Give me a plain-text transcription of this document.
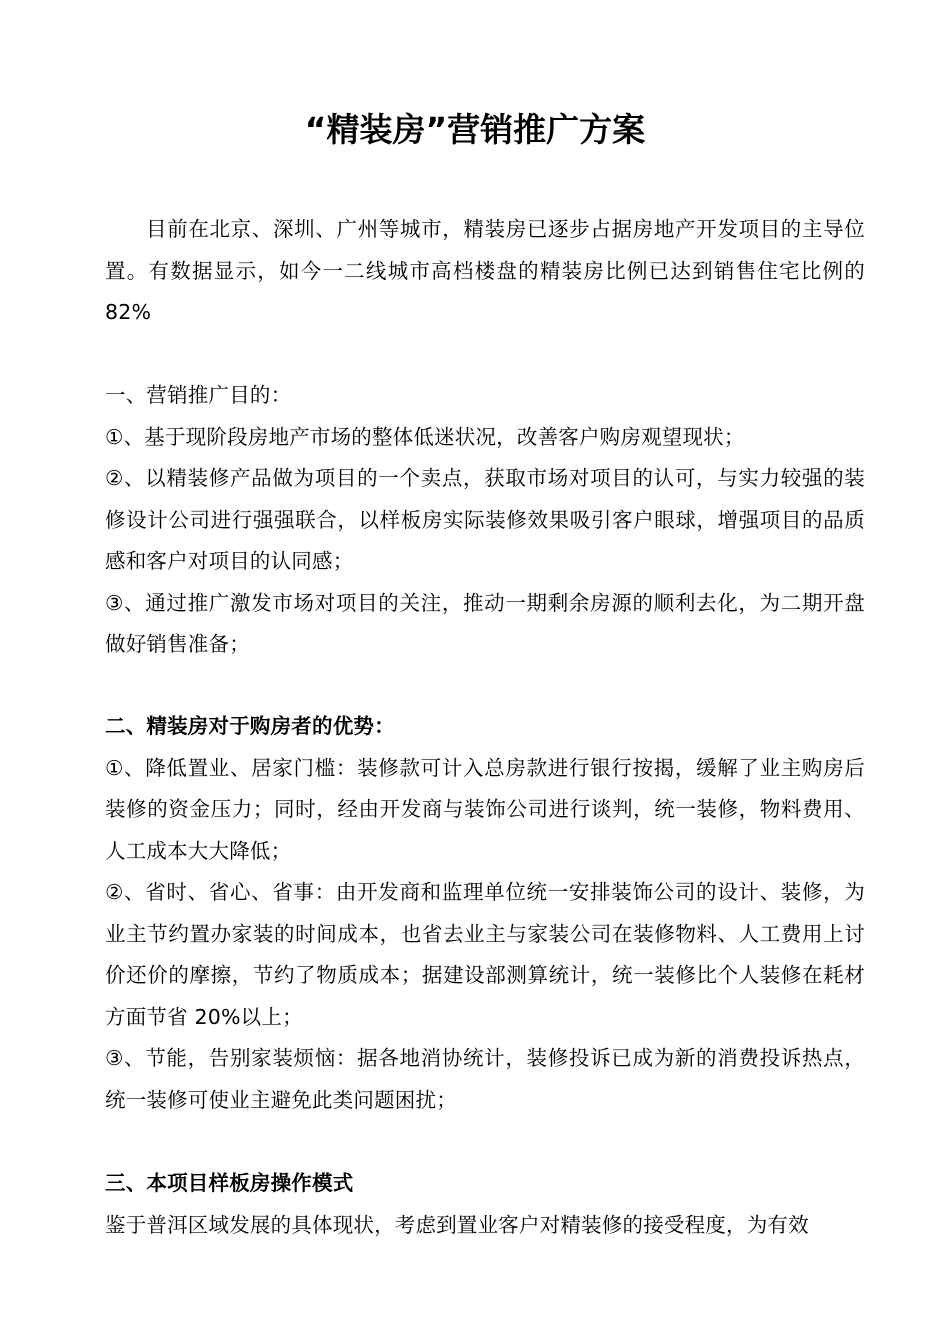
“精装房”营销推广方案

目前在北京、深圳、广州等城市，精装房已逐步占据房地产开发项目的主导位置。有数据显示，如今一二线城市高档楼盘的精装房比例已达到销售住宅比例的 82%

一、营销推广目的：

①、基于现阶段房地产市场的整体低迷状况，改善客户购房观望现状；

②、以精装修产品做为项目的一个卖点，获取市场对项目的认可，与实力较强的装修设计公司进行强强联合，以样板房实际装修效果吸引客户眼球，增强项目的品质感和客户对项目的认同感；

③、通过推广激发市场对项目的关注，推动一期剩余房源的顺利去化，为二期开盘做好销售准备；

二、精装房对于购房者的优势：

①、降低置业、居家门槛：装修款可计入总房款进行银行按揭，缓解了业主购房后装修的资金压力；同时，经由开发商与装饰公司进行谈判，统一装修，物料费用、人工成本大大降低；

②、省时、省心、省事：由开发商和监理单位统一安排装饰公司的设计、装修，为业主节约置办家装的时间成本，也省去业主与家装公司在装修物料、人工费用上讨价还价的摩擦，节约了物质成本；据建设部测算统计，统一装修比个人装修在耗材方面节省 20%以上；

③、节能，告别家装烦恼：据各地消协统计，装修投诉已成为新的消费投诉热点，统一装修可使业主避免此类问题困扰；

三、本项目样板房操作模式

鉴于普洱区域发展的具体现状，考虑到置业客户对精装修的接受程度，为有效
